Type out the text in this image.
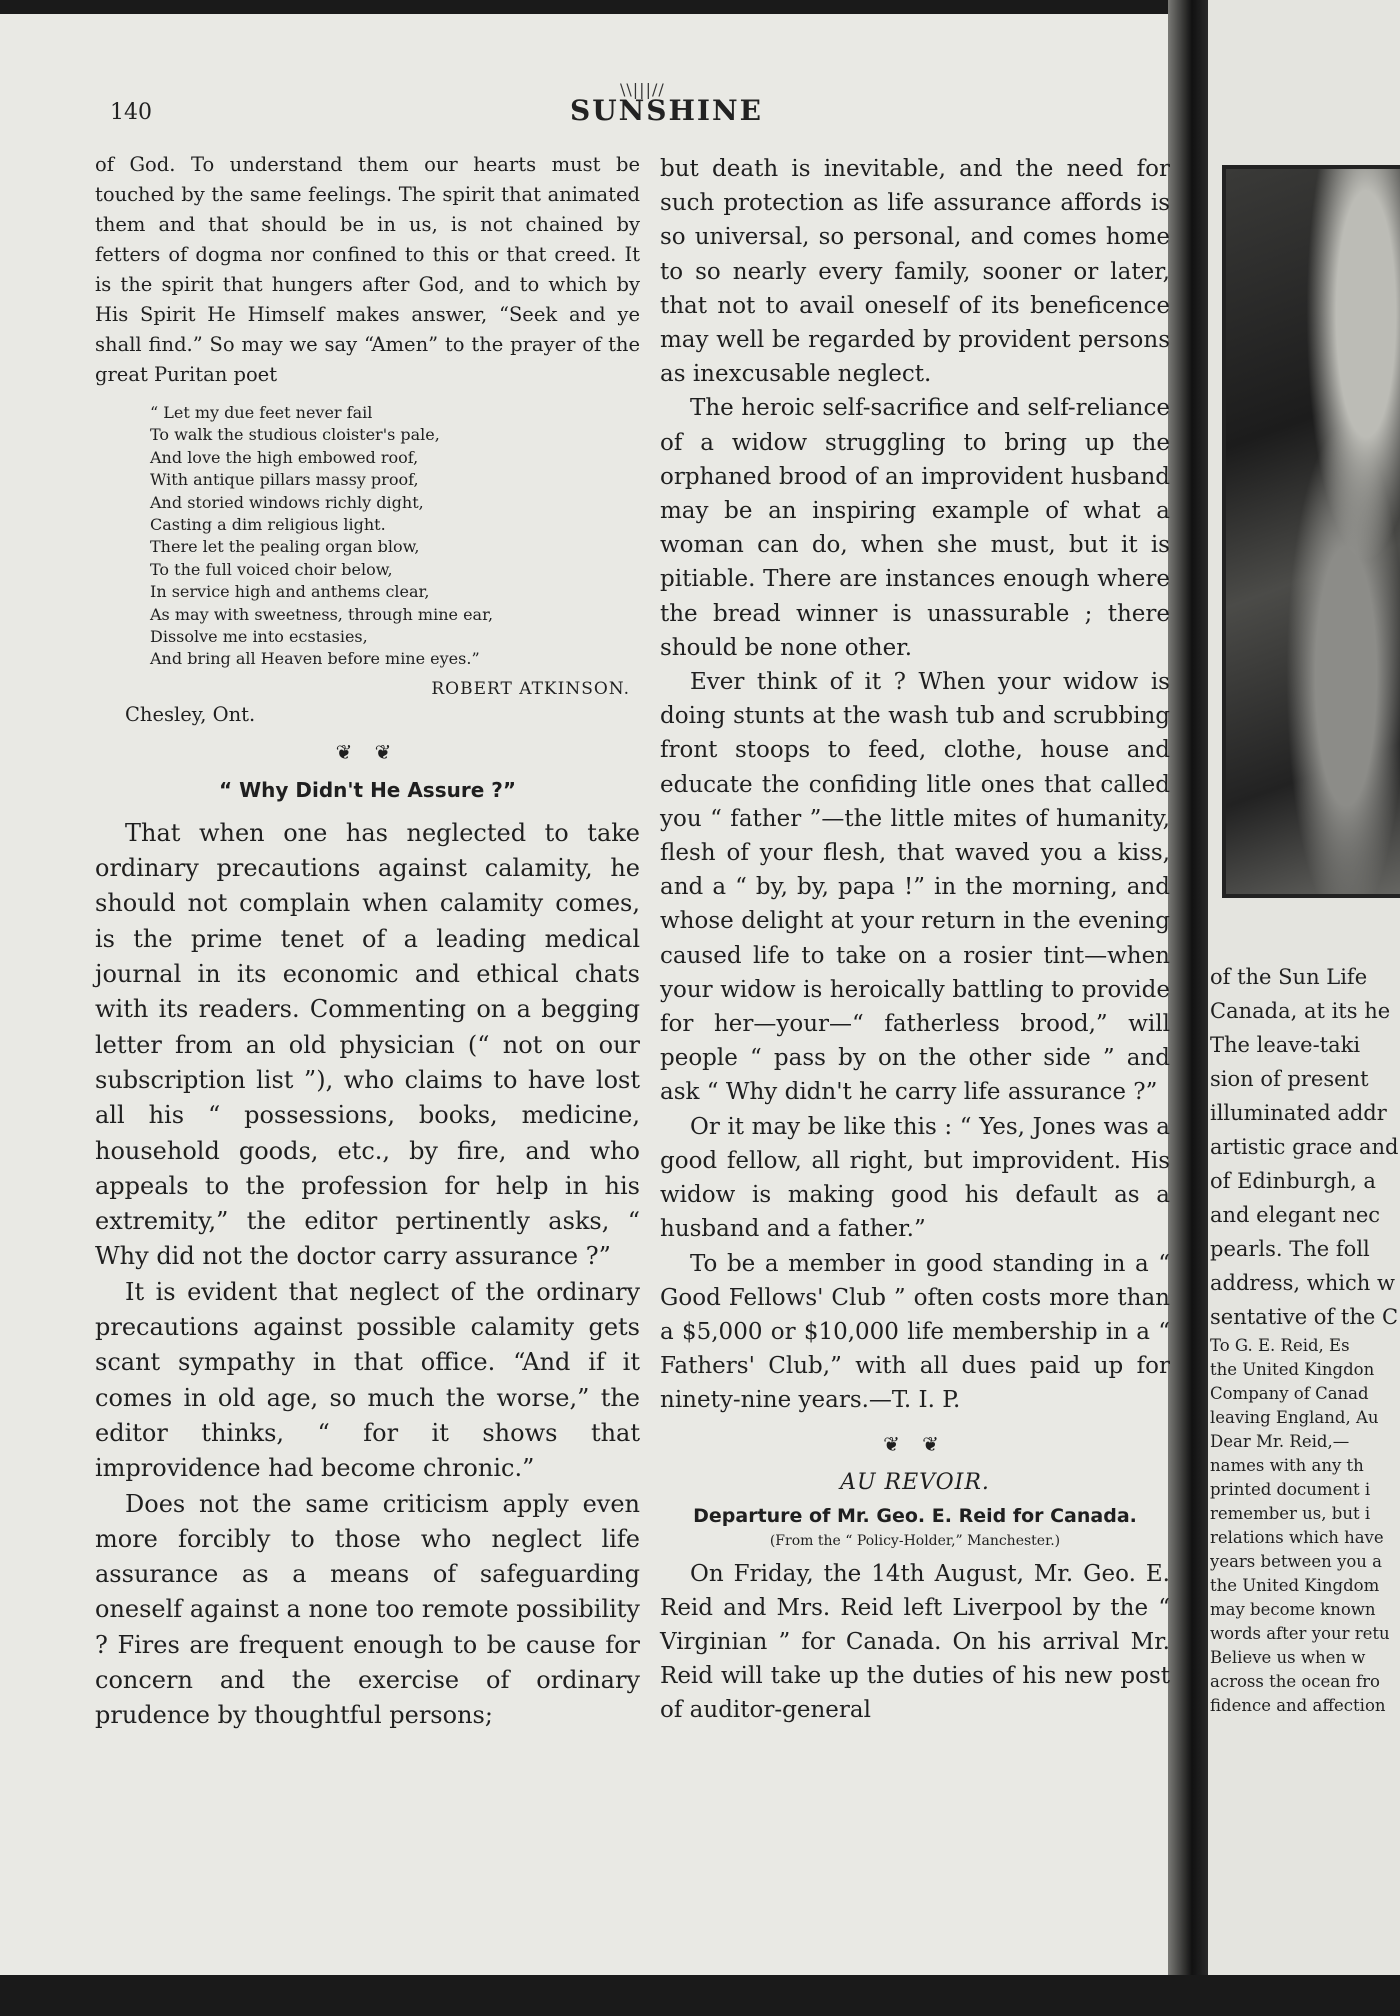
140
\\|||//
SUNSHINE

of God. To understand them our hearts must be touched by the same feelings. The spirit that animated them and that should be in us, is not chained by fetters of dogma nor confined to this or that creed. It is the spirit that hungers after God, and to which by His Spirit He Himself makes answer, “Seek and ye shall find.” So may we say “Amen” to the prayer of the great Puritan poet

“ Let my due feet never fail
To walk the studious cloister's pale,
And love the high embowed roof,
With antique pillars massy proof,
And storied windows richly dight,
Casting a dim religious light.
There let the pealing organ blow,
To the full voiced choir below,
In service high and anthems clear,
As may with sweetness, through mine ear,
Dissolve me into ecstasies,
And bring all Heaven before mine eyes.”
ROBERT ATKINSON.
Chesley, Ont.
❦ ❦
“ Why Didn't He Assure ?”

That when one has neglected to take ordinary precautions against calamity, he should not complain when calamity comes, is the prime tenet of a leading medical journal in its economic and ethical chats with its readers. Commenting on a begging letter from an old physician (“ not on our subscription list ”), who claims to have lost all his “ possessions, books, medicine, household goods, etc., by fire, and who appeals to the profession for help in his extremity,” the editor pertinently asks, “ Why did not the doctor carry assurance ?”

It is evident that neglect of the ordinary precautions against possible calamity gets scant sympathy in that office. “And if it comes in old age, so much the worse,” the editor thinks, “ for it shows that improvidence had become chronic.”

Does not the same criticism apply even more forcibly to those who neglect life assurance as a means of safeguarding oneself against a none too remote possibility ? Fires are frequent enough to be cause for concern and the exercise of ordinary prudence by thoughtful persons;

but death is inevitable, and the need for such protection as life assurance affords is so universal, so personal, and comes home to so nearly every family, sooner or later, that not to avail oneself of its beneficence may well be regarded by provident persons as inexcusable neglect.

The heroic self-sacrifice and self-reliance of a widow struggling to bring up the orphaned brood of an improvident husband may be an inspiring example of what a woman can do, when she must, but it is pitiable. There are instances enough where the bread winner is unassurable ; there should be none other.

Ever think of it ? When your widow is doing stunts at the wash tub and scrubbing front stoops to feed, clothe, house and educate the confiding litle ones that called you “ father ”—the little mites of humanity, flesh of your flesh, that waved you a kiss, and a “ by, by, papa !” in the morning, and whose delight at your return in the evening caused life to take on a rosier tint—when your widow is heroically battling to provide for her—your—“ fatherless brood,” will people “ pass by on the other side ” and ask “ Why didn't he carry life assurance ?”

Or it may be like this : “ Yes, Jones was a good fellow, all right, but improvident. His widow is making good his default as a husband and a father.”

To be a member in good standing in a “ Good Fellows' Club ” often costs more than a $5,000 or $10,000 life membership in a “ Fathers' Club,” with all dues paid up for ninety-nine years.—T. I. P.

❦ ❦
AU REVOIR.
Departure of Mr. Geo. E. Reid for Canada.
(From the “ Policy-Holder,” Manchester.)

On Friday, the 14th August, Mr. Geo. E. Reid and Mrs. Reid left Liverpool by the “ Virginian ” for Canada. On his arrival Mr. Reid will take up the duties of his new post of auditor-general

of the Sun Life
Canada, at its he
The leave-taki
sion of present
illuminated addr
artistic grace and
of Edinburgh, a
and elegant nec
pearls. The foll
address, which w
sentative of the C
To G. E. Reid, Es
the United Kingdon
Company of Canad
leaving England, Au
Dear Mr. Reid,—
names with any th
printed document i
remember us, but i
relations which have
years between you a
the United Kingdom
may become known
words after your retu
Believe us when w
across the ocean fro
fidence and affection
